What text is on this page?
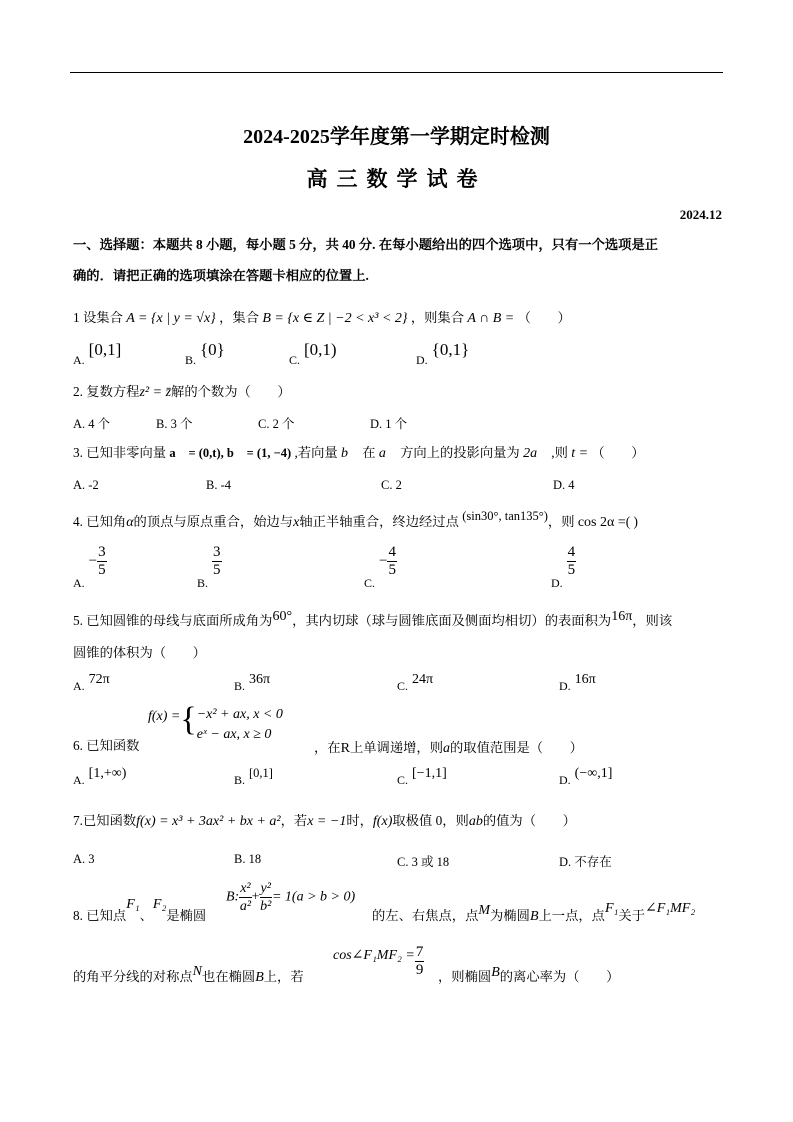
2024-2025学年度第一学期定时检测
高三数学试卷
2024.12
一、选择题：本题共 8 小题，每小题 5 分，共 40 分. 在每小题给出的四个选项中，只有一个选项是正
确的．请把正确的选项填涂在答题卡相应的位置上.
1 设集合 A = {x | y = √x} ，集合 B = {x ∈ Z | −2 < x³ < 2} ，则集合 A ∩ B = （　　）
A. [0,1]
B. {0}
C. [0,1)
D. {0,1}
2. 复数方程z² = z̄解的个数为（　　）
A. 4 个	B. 3 个	C. 2 个	D. 1 个
3. 已知非零向量 a⃗ = (0,t), b⃗ = (1, −4) ,若向量 b⃗ 在 a⃗ 方向上的投影向量为 2a⃗ ,则 t = （　　）
A. -2	B. -4	C. 2	D. 4
4. 已知角α的顶点与原点重合，始边与x轴正半轴重合，终边经过点 (sin30°, tan135°)，则 cos 2α =( )
$_{A.} - \frac{3}{5}$
$_{B.}$
$\frac{3}{5}$
$_{C.} - \frac{4}{5}$
$_{D.}$
$\frac{4}{5}$
5. 已知圆锥的母线与底面所成角为60°，其内切球（球与圆锥底面及侧面均相切）的表面积为16π，则该
圆锥的体积为（　　）
$_{A.}$ 72π	$_{B.}$ 36π	$_{C.}$ 24π	$_{D.}$ 16π
f(x) ={ −x² + ax, x < 0
eˣ − ax, x ≥ 0
6. 已知函数	，在R上单调递增，则a的取值范围是（　　）
$_{A.}$ [1,+∞)	$_{B.}$ [0,1]	$_{C.}$ [−1,1]	$_{D.}$ (−∞,1]
7.已知函数f(x) = x³ + 3ax² + bx + a²，若x = −1时，f(x)取极值 0，则ab的值为（　　）
A. 3	B. 18	C. 3 或 18	D. 不存在
8. 已知点F₁、F₂是椭圆
B: $\frac{\text{x²}}{\text{a²}} + \frac{\text{y²}}{\text{b²}} = 1(a > b > 0)$
的左、右焦点，点M为椭圆B上一点，点F₁关于∠F₁MF₂
的角平分线的对称点N也在椭圆B上，若
cos∠F₁MF₂ = $\frac{7}{9}$ ，则椭圆B的离心率为（　　）
